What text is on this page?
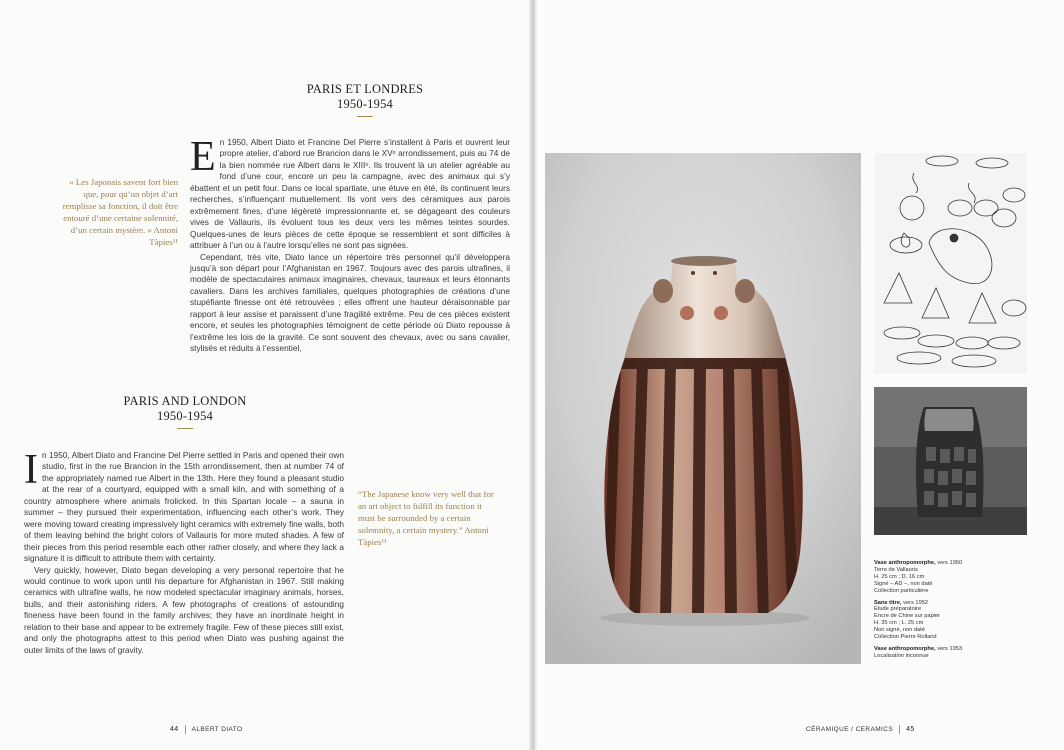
PARIS ET LONDRES
1950-1954
« Les Japonais savent fort bien que, pour qu’un objet d’art remplisse sa fonction, il doit être entouré d’une certaine solennité, d’un certain mystère. » Antoni Tàpies¹¹

En 1950, Albert Diato et Francine Del Pierre s’installent à Paris et ouvrent leur propre atelier, d’abord rue Brancion dans le XVᵉ arrondissement, puis au 74 de la bien nommée rue Albert dans le XIIIᵉ. Ils trouvent là un atelier agréable au fond d’une cour, encore un peu la campagne, avec des animaux qui s’y ébattent et un petit four. Dans ce local spartiate, une étuve en été, ils continuent leurs recherches, s’influençant mutuellement. Ils vont vers des céramiques aux parois extrêmement fines, d’une légèreté impressionnante et, se dégageant des couleurs vives de Vallauris, ils évoluent tous les deux vers les mêmes teintes sourdes. Quelques-unes de leurs pièces de cette époque se ressemblent et sont difficiles à attribuer à l’un ou à l’autre lorsqu’elles ne sont pas signées.

Cependant, très vite, Diato lance un répertoire très personnel qu’il développera jusqu’à son départ pour l’Afghanistan en 1967. Toujours avec des parois ultrafines, il modèle de spectaculaires animaux imaginaires, chevaux, taureaux et leurs étonnants cavaliers. Dans les archives familiales, quelques photographies de créations d’une stupéfiante finesse ont été retrouvées ; elles offrent une hauteur déraisonnable par rapport à leur assise et paraissent d’une fragilité extrême. Peu de ces pièces existent encore, et seules les photographies témoignent de cette période où Diato repousse à l’extrême les lois de la gravité. Ce sont souvent des chevaux, avec ou sans cavalier, stylisés et réduits à l’essentiel,

PARIS AND LONDON
1950-1954

In 1950, Albert Diato and Francine Del Pierre settled in Paris and opened their own studio, first in the rue Brancion in the 15th arrondissement, then at number 74 of the appropriately named rue Albert in the 13th. Here they found a pleasant studio at the rear of a courtyard, equipped with a small kiln, and with something of a country atmosphere where animals frolicked. In this Spartan locale – a sauna in summer – they pursued their experimentation, influencing each other’s work. They were moving toward creating impressively light ceramics with extremely fine walls, both of them leaving behind the bright colors of Vallauris for more muted shades. A few of their pieces from this period resemble each other rather closely, and where they lack a signature it is difficult to attribute them with certainty.

Very quickly, however, Diato began developing a very personal repertoire that he would continue to work upon until his departure for Afghanistan in 1967. Still making ceramics with ultrafine walls, he now modeled spectacular imaginary animals, horses, bulls, and their astonishing riders. A few photographs of creations of astounding fineness have been found in the family archives; they have an inordinate height in relation to their base and appear to be extremely fragile. Few of these pieces still exist, and only the photographs attest to this period when Diato was pushing against the outer limits of the laws of gravity.

“The Japanese know very well that for an art object to fulfill its function it must be surrounded by a certain solemnity, a certain mystery.” Antoni Tàpies¹¹
44 ALBERT DIATO
Vase anthropomorphe, vers 1950
Terre de Vallauris
H. 25 cm ; D. 16 cm
Signé – AD –, non daté
Collection particulière
Sans titre, vers 1952
Étude préparatoire
Encre de Chine sur papier
H. 35 cm ; L. 25 cm
Non signé, non daté
Collection Pierre Rolland
Vase anthropomorphe, vers 1953
Localisation inconnue
CÉRAMIQUE / CERAMICS 45
